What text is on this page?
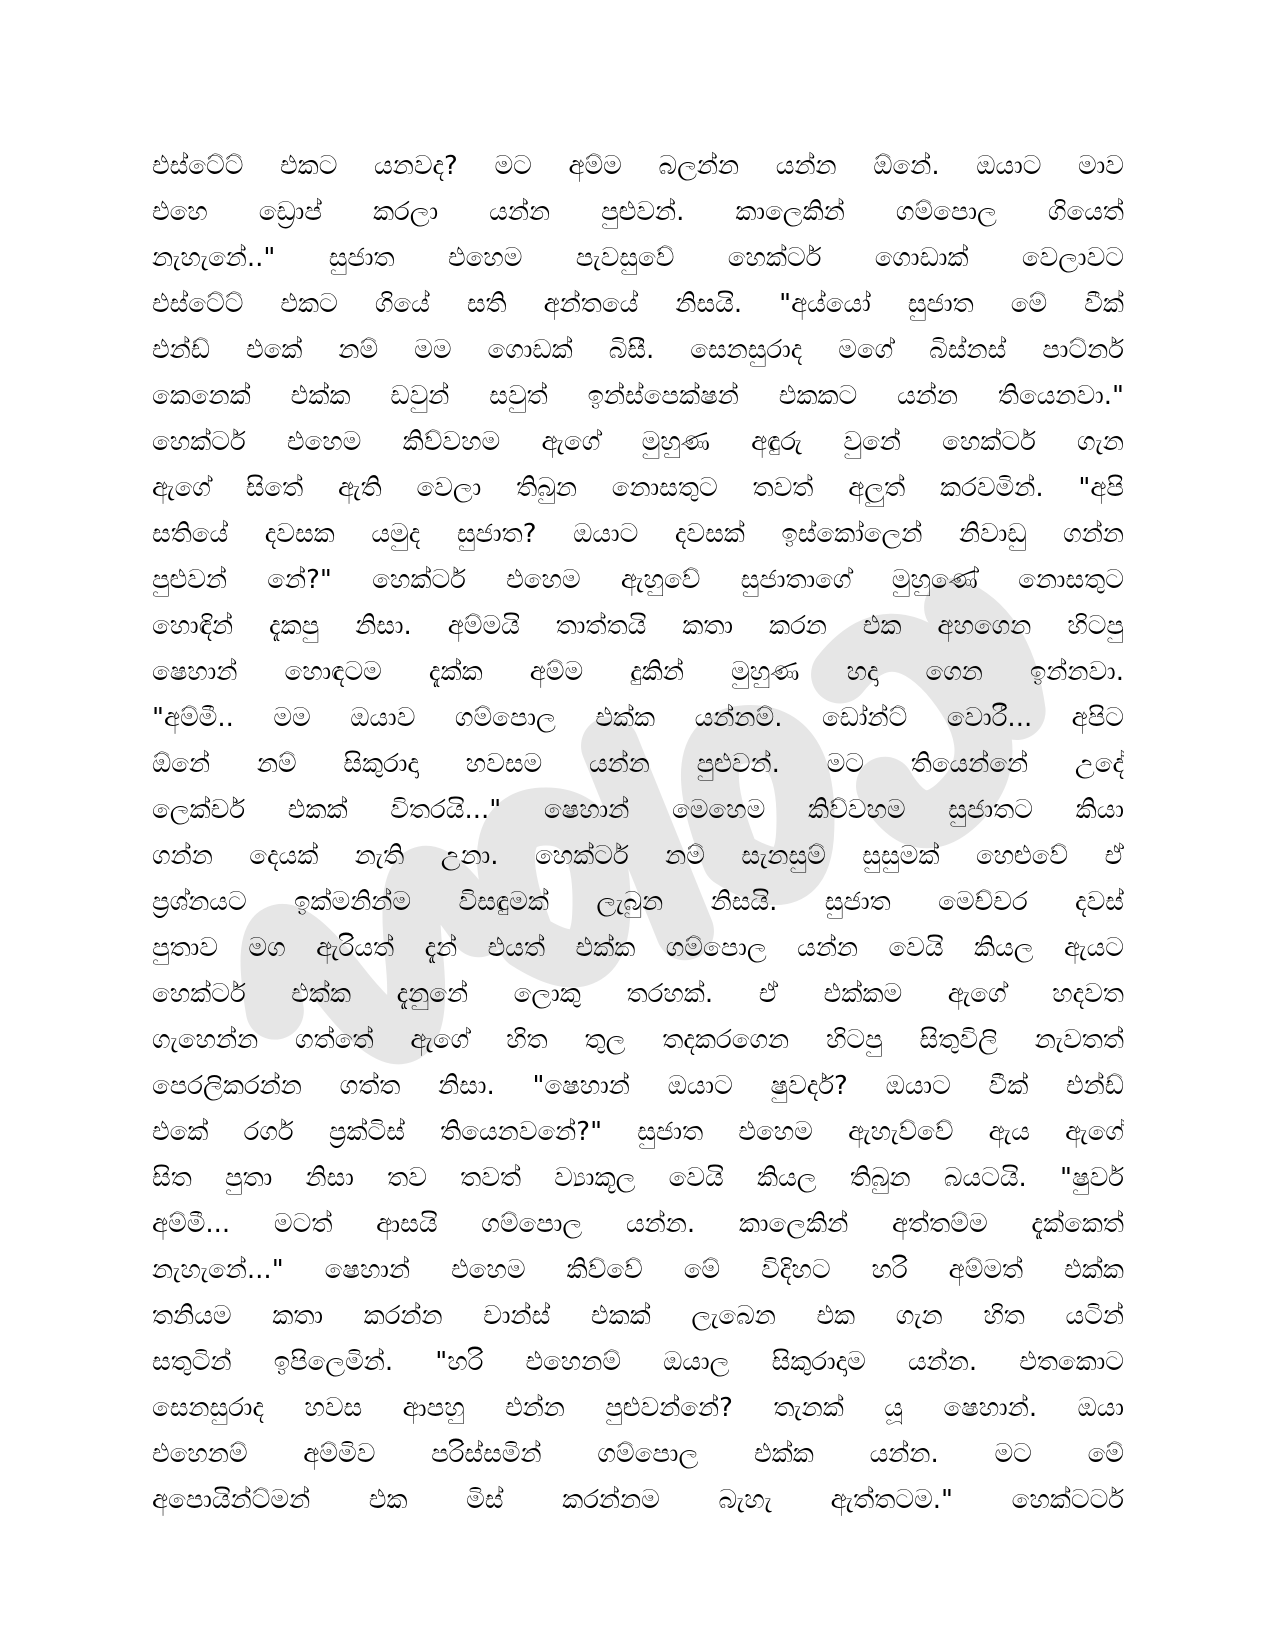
එස්ටේට් එකට යනවද? මට අම්ම බලන්න යන්න ඕනේ. ඔයාට මාව
එහෙ ඩ්‍රොප් කරලා යන්න පුළුවන්. කාලෙකින් ගම්පොල ගියෙත්
නැහැනේ.." සුජාත එහෙම පැවසුවේ හෙක්ටර් ගොඩාක් වෙලාවට
එස්ටේට් එකට ගියේ සති අන්තයේ නිසයි. "අය්යෝ සුජාත මේ වීක්
එන්ඩ් එකේ නම් මම ගොඩක් බිසී. සෙනසුරාද මගේ බිස්නස් පාට්නර්
කෙනෙක් එක්ක ඩවුන් සවුත් ඉන්ස්පෙක්ෂන් එකකට යන්න තියෙනවා."
හෙක්ටර් එහෙම කිව්වහම ඇගේ මුහුණ අඳුරු වුනේ හෙක්ටර් ගැන
ඇගේ සිතේ ඇති වෙලා තිබුන නොසතුට තවත් අලුත් කරවමින්. "අපි
සතියේ දවසක යමුද සුජාත? ඔයාට දවසක් ඉස්කෝලෙන් නිවාඩු ගන්න
පුළුවන් නේ?" හෙක්ටර් එහෙම ඇහුවේ සුජාතාගේ මුහුණේ නොසතුට
හොඳින් දැකපු නිසා. අම්මයි තාත්තයි කතා කරන එක අහගෙන හිටපු
ෂෙහාන් හොඳටම දැක්ක අම්ම දුකින් මුහුණ හදා ගෙන ඉන්නවා.
"අම්මී.. මම ඔයාව ගම්පොල එක්ක යන්නම්. ඩෝන්ට් වොරී... අපිට
ඕනේ නම් සිකුරාදා හවසම යන්න පුළුවන්. මට තියෙන්නේ උදේ
ලෙක්චර් එකක් විතරයි..." ෂෙහාන් මෙහෙම කිව්වහම සුජාතට කියා
ගන්න දෙයක් නැති උනා. හෙක්ටර් නම් සැනසුම් සුසුමක් හෙළුවේ ඒ
ප්‍රශ්නයට ඉක්මනින්ම විසඳුමක් ලැබුන නිසයි. සුජාත මෙච්චර දවස්
පුතාව මග ඇරියත් දැන් එයත් එක්ක ගම්පොල යන්න වෙයි කියල ඇයට
හෙක්ටර් එක්ක දැනුනේ ලොකු තරහක්. ඒ එක්කම ඇගේ හදවත
ගැහෙන්න ගත්තේ ඇගේ හිත තුල තදකරගෙන හිටපු සිතුවිලි නැවතත්
පෙරලිකරන්න ගත්ත නිසා. "ෂෙහාන් ඔයාට ෂුවර්ද? ඔයාට වීක් එන්ඩ්
එකේ රගර් ප්‍රක්ටිස් තියෙනවනේ?" සුජාත එහෙම ඇහැව්වේ ඇය ඇගේ
සිත පුතා නිසා තව තවත් ව්‍යාකූල වෙයි කියල තිබුන බයටයි. "ෂුවර්
අම්මී... මටත් ආසයි ගම්පොල යන්න. කාලෙකින් අත්තම්ම දැක්කෙත්
නැහැනේ..." ෂෙහාන් එහෙම කිව්වේ මේ විදිහට හරි අම්මත් එක්ක
තනියම කතා කරන්න චාන්ස් එකක් ලැබෙන එක ගැන හිත යටින්
සතුටින් ඉපිලෙමින්. "හරි එහෙනම් ඔයාල සිකුරාදාම යන්න. එතකොට
සෙනසුරාද හවස ආපහු එන්න පුළුවන්නේ? තැනක් යූ ෂෙහාන්. ඔයා
එහෙනම් අම්මිව පරිස්සමින් ගම්පොල එක්ක යන්න. මට මේ
අපොයින්ට්මන් එක මිස් කරන්නම බැහැ ඇත්තටම." හෙක්ටර්ට
